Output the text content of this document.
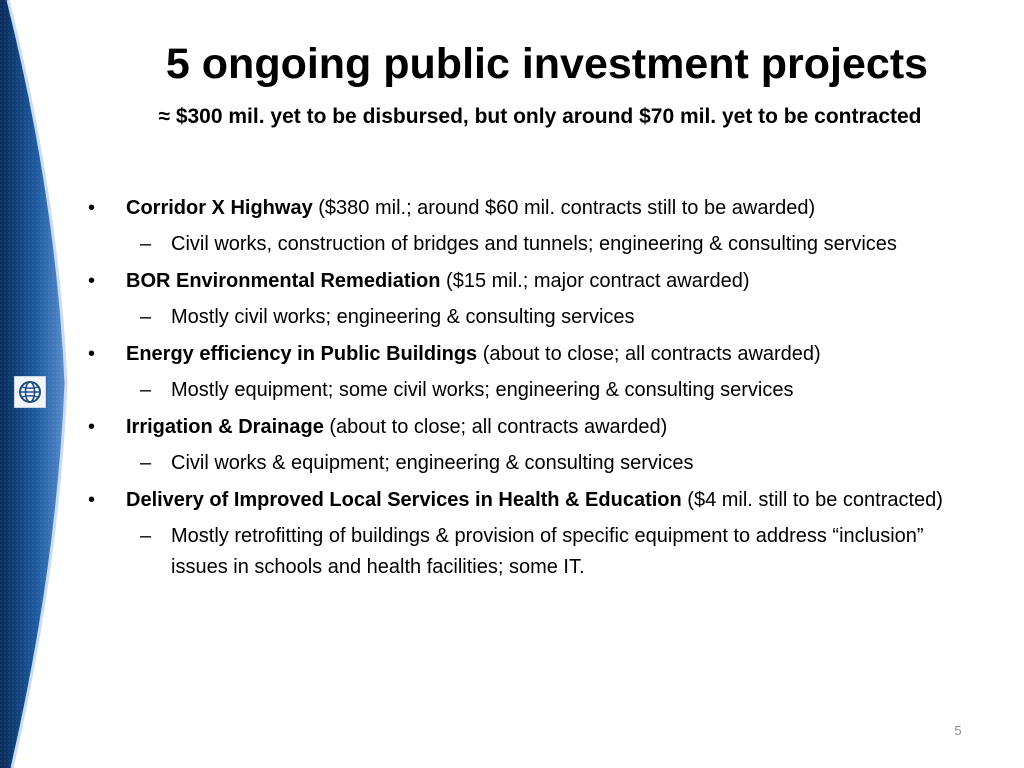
5 ongoing public investment projects

≈ $300 mil. yet to be disbursed, but only around $70 mil. yet to be contracted

• Corridor X Highway ($380 mil.; around $60 mil. contracts still to be awarded)
– Civil works, construction of bridges and tunnels; engineering & consulting services
• BOR Environmental Remediation ($15 mil.; major contract awarded)
– Mostly civil works; engineering & consulting services
• Energy efficiency in Public Buildings (about to close; all contracts awarded)
– Mostly equipment; some civil works; engineering & consulting services
• Irrigation & Drainage (about to close; all contracts awarded)
– Civil works & equipment; engineering & consulting services
• Delivery of Improved Local Services in Health & Education ($4 mil. still to be contracted)
– Mostly retrofitting of buildings & provision of specific equipment to address “inclusion” issues in schools and health facilities; some IT.
5
